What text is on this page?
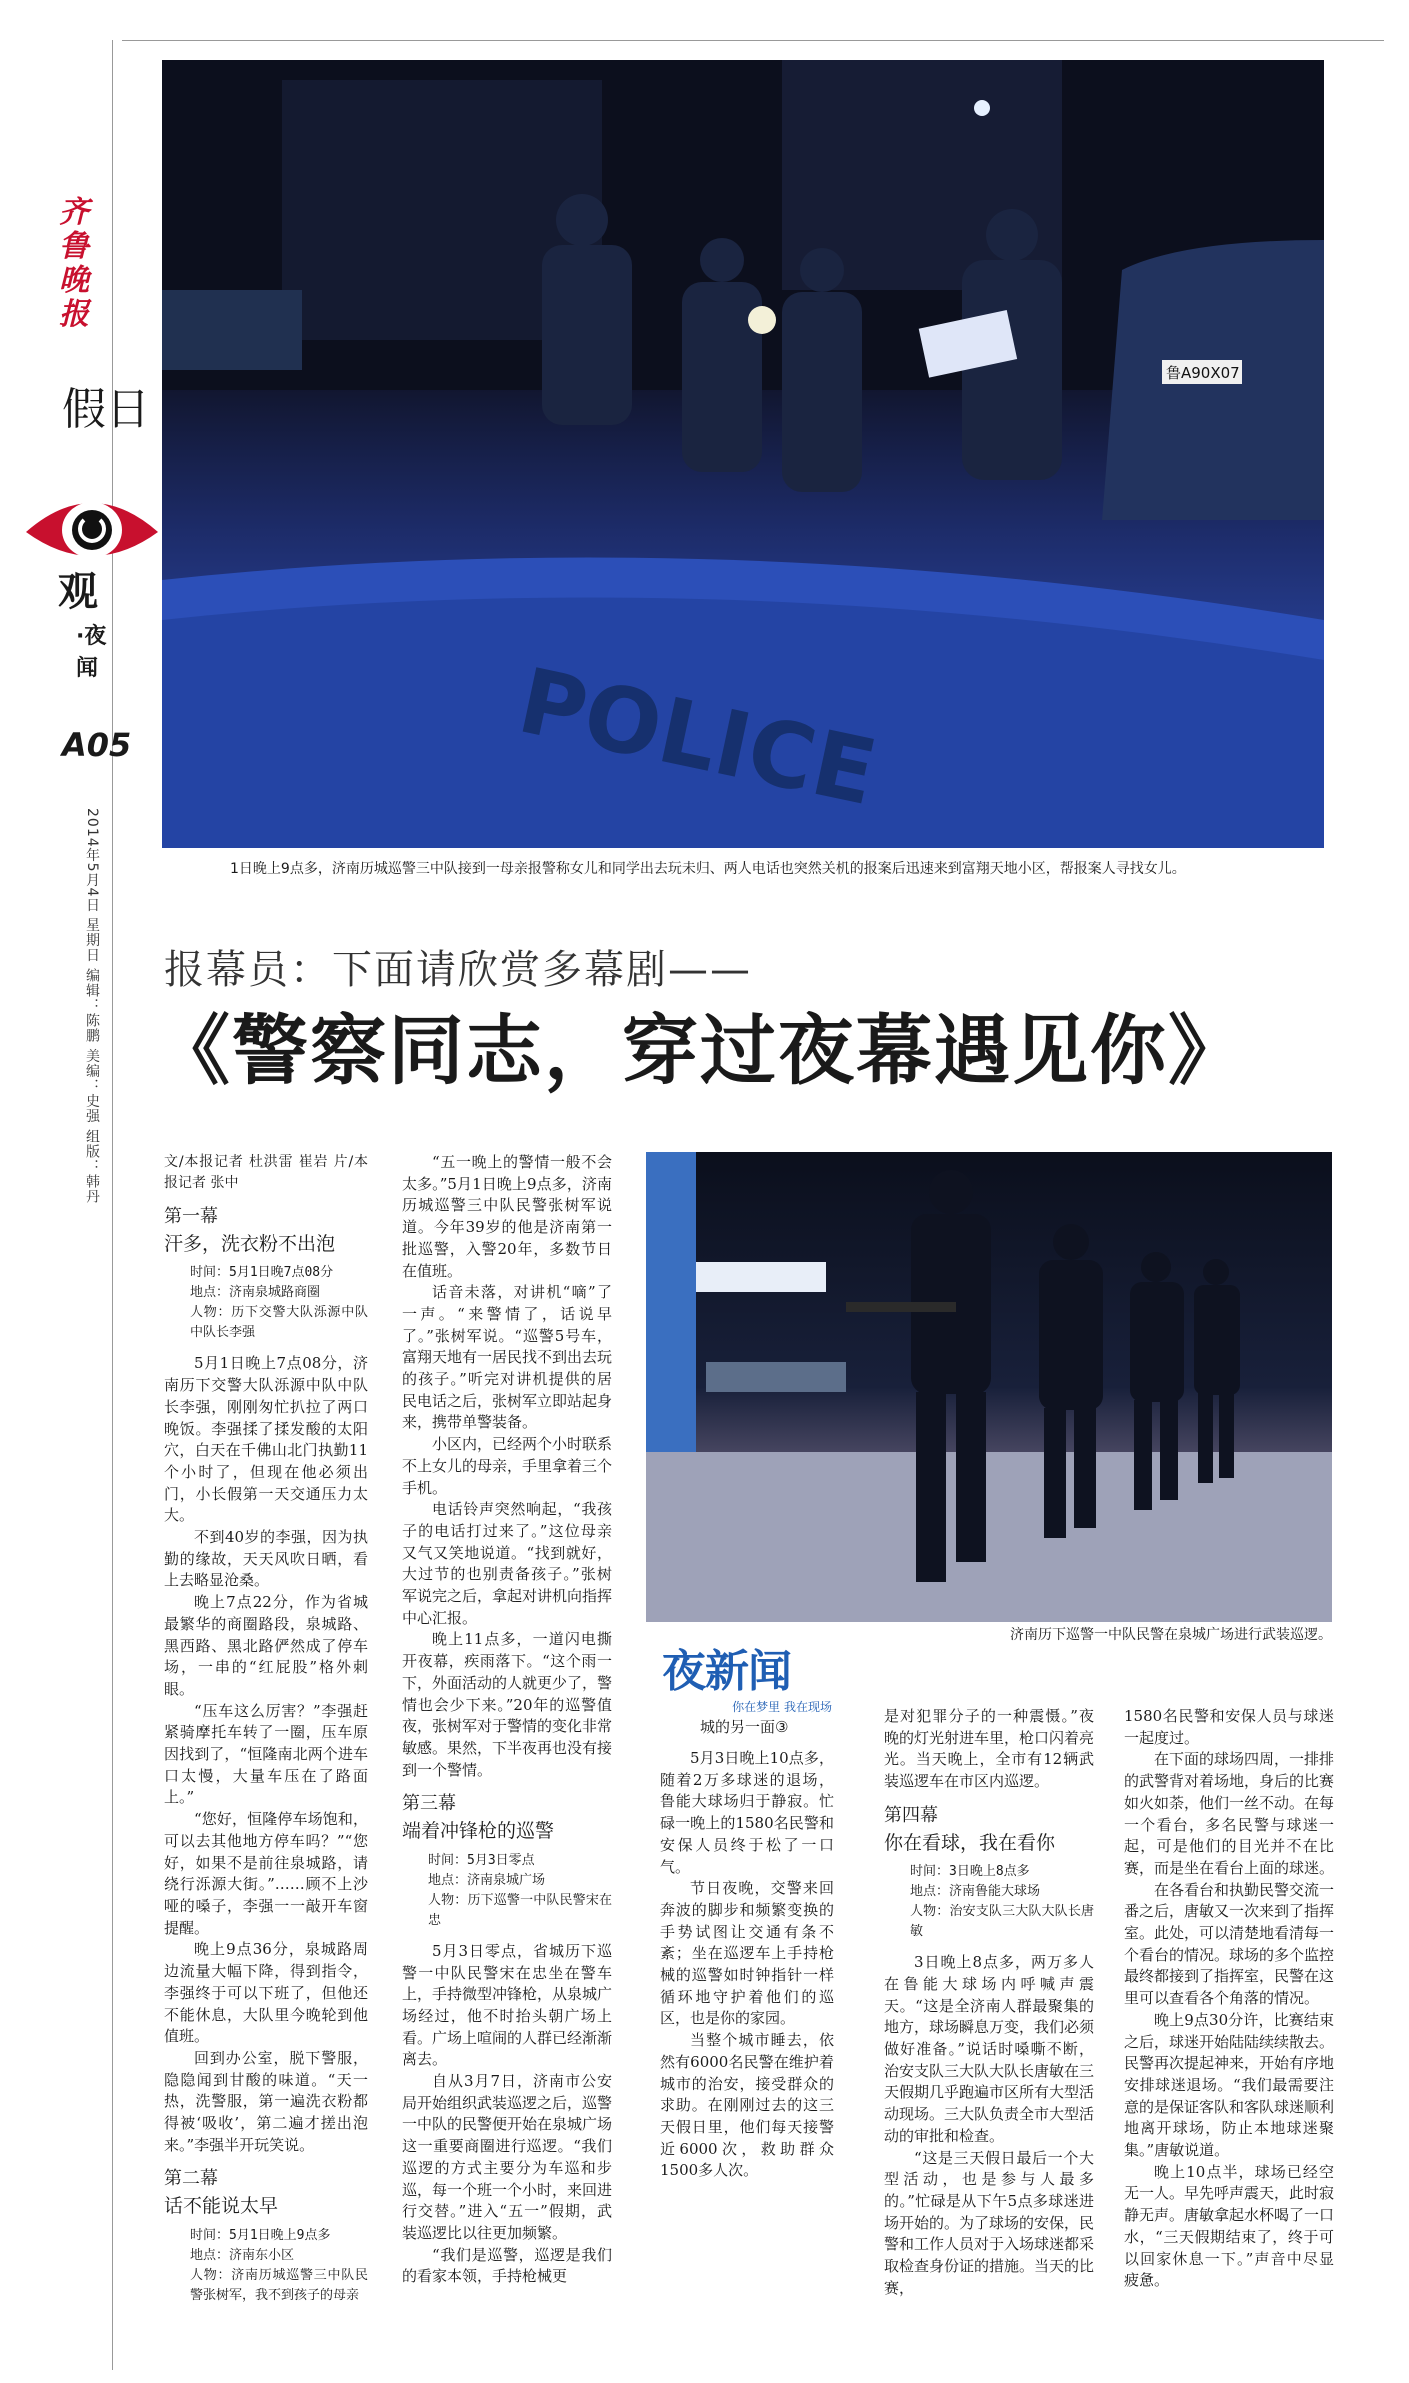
齐鲁晚报
假日
观
·夜
闻
A05
2014年5月4日 星期日 编辑：陈鹏 美编：史强 组版：韩丹
POLICE
鲁A90X07
1日晚上9点多，济南历城巡警三中队接到一母亲报警称女儿和同学出去玩未归、两人电话也突然关机的报案后迅速来到富翔天地小区，帮报案人寻找女儿。
报幕员：下面请欣赏多幕剧——
《警察同志，穿过夜幕遇见你》
济南历下巡警一中队民警在泉城广场进行武装巡逻。

文/本报记者 杜洪雷 崔岩 片/本报记者 张中

第一幕
汗多，洗衣粉不出泡
时间：5月1日晚7点08分
地点：济南泉城路商圈
人物：历下交警大队泺源中队中队长李强

5月1日晚上7点08分，济南历下交警大队泺源中队中队长李强，刚刚匆忙扒拉了两口晚饭。李强揉了揉发酸的太阳穴，白天在千佛山北门执勤11个小时了，但现在他必须出门，小长假第一天交通压力太大。

不到40岁的李强，因为执勤的缘故，天天风吹日晒，看上去略显沧桑。

晚上7点22分，作为省城最繁华的商圈路段，泉城路、黑西路、黑北路俨然成了停车场，一串的“红屁股”格外刺眼。

“压车这么厉害？”李强赶紧骑摩托车转了一圈，压车原因找到了，“恒隆南北两个进车口太慢，大量车压在了路面上。”

“您好，恒隆停车场饱和，可以去其他地方停车吗？”“您好，如果不是前往泉城路，请绕行泺源大街。”……顾不上沙哑的嗓子，李强一一敲开车窗提醒。

晚上9点36分，泉城路周边流量大幅下降，得到指令，李强终于可以下班了，但他还不能休息，大队里今晚轮到他值班。

回到办公室，脱下警服，隐隐闻到甘酸的味道。“天一热，洗警服，第一遍洗衣粉都得被‘吸收’，第二遍才搓出泡来。”李强半开玩笑说。

第二幕
话不能说太早
时间：5月1日晚上9点多
地点：济南东小区
人物：济南历城巡警三中队民警张树军，我不到孩子的母亲

“五一晚上的警情一般不会太多。”5月1日晚上9点多，济南历城巡警三中队民警张树军说道。今年39岁的他是济南第一批巡警，入警20年，多数节日在值班。

话音未落，对讲机“嘀”了一声。“来警情了，话说早了。”张树军说。“巡警5号车，富翔天地有一居民找不到出去玩的孩子。”听完对讲机提供的居民电话之后，张树军立即站起身来，携带单警装备。

小区内，已经两个小时联系不上女儿的母亲，手里拿着三个手机。

电话铃声突然响起，“我孩子的电话打过来了。”这位母亲又气又笑地说道。“找到就好，大过节的也别责备孩子。”张树军说完之后，拿起对讲机向指挥中心汇报。

晚上11点多，一道闪电撕开夜幕，疾雨落下。“这个雨一下，外面活动的人就更少了，警情也会少下来。”20年的巡警值夜，张树军对于警情的变化非常敏感。果然，下半夜再也没有接到一个警情。

第三幕
端着冲锋枪的巡警
时间：5月3日零点
地点：济南泉城广场
人物：历下巡警一中队民警宋在忠

5月3日零点，省城历下巡警一中队民警宋在忠坐在警车上，手持微型冲锋枪，从泉城广场经过，他不时抬头朝广场上看。广场上喧闹的人群已经渐渐离去。

自从3月7日，济南市公安局开始组织武装巡逻之后，巡警一中队的民警便开始在泉城广场这一重要商圈进行巡逻。“我们巡逻的方式主要分为车巡和步巡，每一个班一个小时，来回进行交替。”进入“五一”假期，武装巡逻比以往更加频繁。

“我们是巡警，巡逻是我们的看家本领，手持枪械更

夜新闻
你在梦里 我在现场
城的另一面③

5月3日晚上10点多，随着2万多球迷的退场，鲁能大球场归于静寂。忙碌一晚上的1580名民警和安保人员终于松了一口气。

节日夜晚，交警来回奔波的脚步和频繁变换的手势试图让交通有条不紊；坐在巡逻车上手持枪械的巡警如时钟指针一样循环地守护着他们的巡区，也是你的家园。

当整个城市睡去，依然有6000名民警在维护着城市的治安，接受群众的求助。在刚刚过去的这三天假日里，他们每天接警近6000次，救助群众1500多人次。

是对犯罪分子的一种震慑。”夜晚的灯光射进车里，枪口闪着亮光。当天晚上，全市有12辆武装巡逻车在市区内巡逻。

第四幕
你在看球，我在看你
时间：3日晚上8点多
地点：济南鲁能大球场
人物：治安支队三大队大队长唐敏

3日晚上8点多，两万多人在鲁能大球场内呼喊声震天。“这是全济南人群最聚集的地方，球场瞬息万变，我们必须做好准备。”说话时嗓嘶不断，治安支队三大队大队长唐敏在三天假期几乎跑遍市区所有大型活动现场。三大队负责全市大型活动的审批和检查。

“这是三天假日最后一个大型活动，也是参与人最多的。”忙碌是从下午5点多球迷进场开始的。为了球场的安保，民警和工作人员对于入场球迷都采取检查身份证的措施。当天的比赛，

1580名民警和安保人员与球迷一起度过。

在下面的球场四周，一排排的武警背对着场地，身后的比赛如火如荼，他们一丝不动。在每一个看台，多名民警与球迷一起，可是他们的目光并不在比赛，而是坐在看台上面的球迷。

在各看台和执勤民警交流一番之后，唐敏又一次来到了指挥室。此处，可以清楚地看清每一个看台的情况。球场的多个监控最终都接到了指挥室，民警在这里可以查看各个角落的情况。

晚上9点30分许，比赛结束之后，球迷开始陆陆续续散去。民警再次提起神来，开始有序地安排球迷退场。“我们最需要注意的是保证客队和客队球迷顺利地离开球场，防止本地球迷聚集。”唐敏说道。

晚上10点半，球场已经空无一人。早先呼声震天，此时寂静无声。唐敏拿起水杯喝了一口水，“三天假期结束了，终于可以回家休息一下。”声音中尽显疲惫。
